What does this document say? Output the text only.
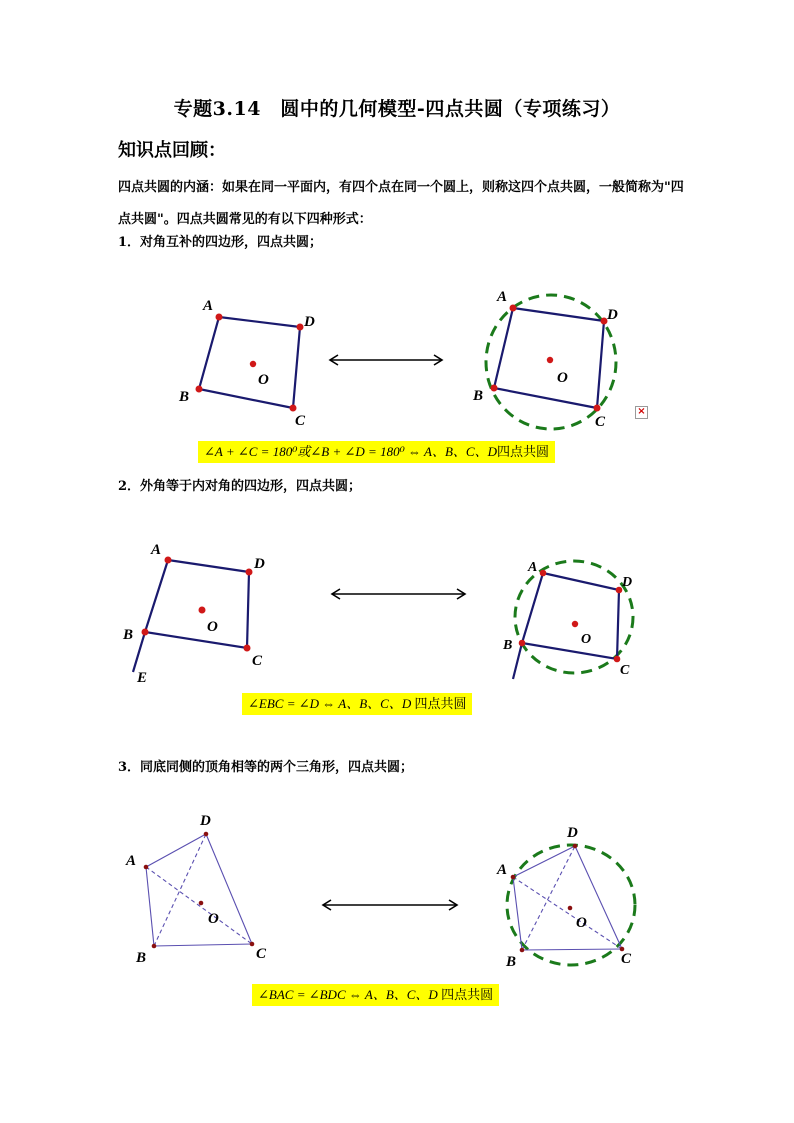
专题3.14　圆中的几何模型-四点共圆（专项练习）
知识点回顾：
四点共圆的内涵：如果在同一平面内，有四个点在同一个圆上，则称这四个点共圆，一般简称为"四点共圆"。四点共圆常见的有以下四种形式：
1．对角互补的四边形，四点共圆；
A
D
C
B
O
A
D
C
B
O
×
∠A + ∠C = 180⁰或∠B + ∠D = 180⁰ ⇔ A、B、C、D四点共圆
2．外角等于内对角的四边形，四点共圆；
A
D
C
B	O
E
A
D
C
B	O
∠EBC = ∠D ⇔ A、B、C、D 四点共圆
3．同底同侧的顶角相等的两个三角形，四点共圆；
D
A
O
B	C
D
A
O
B	C
∠BAC = ∠BDC ⇔ A、B、C、D 四点共圆
